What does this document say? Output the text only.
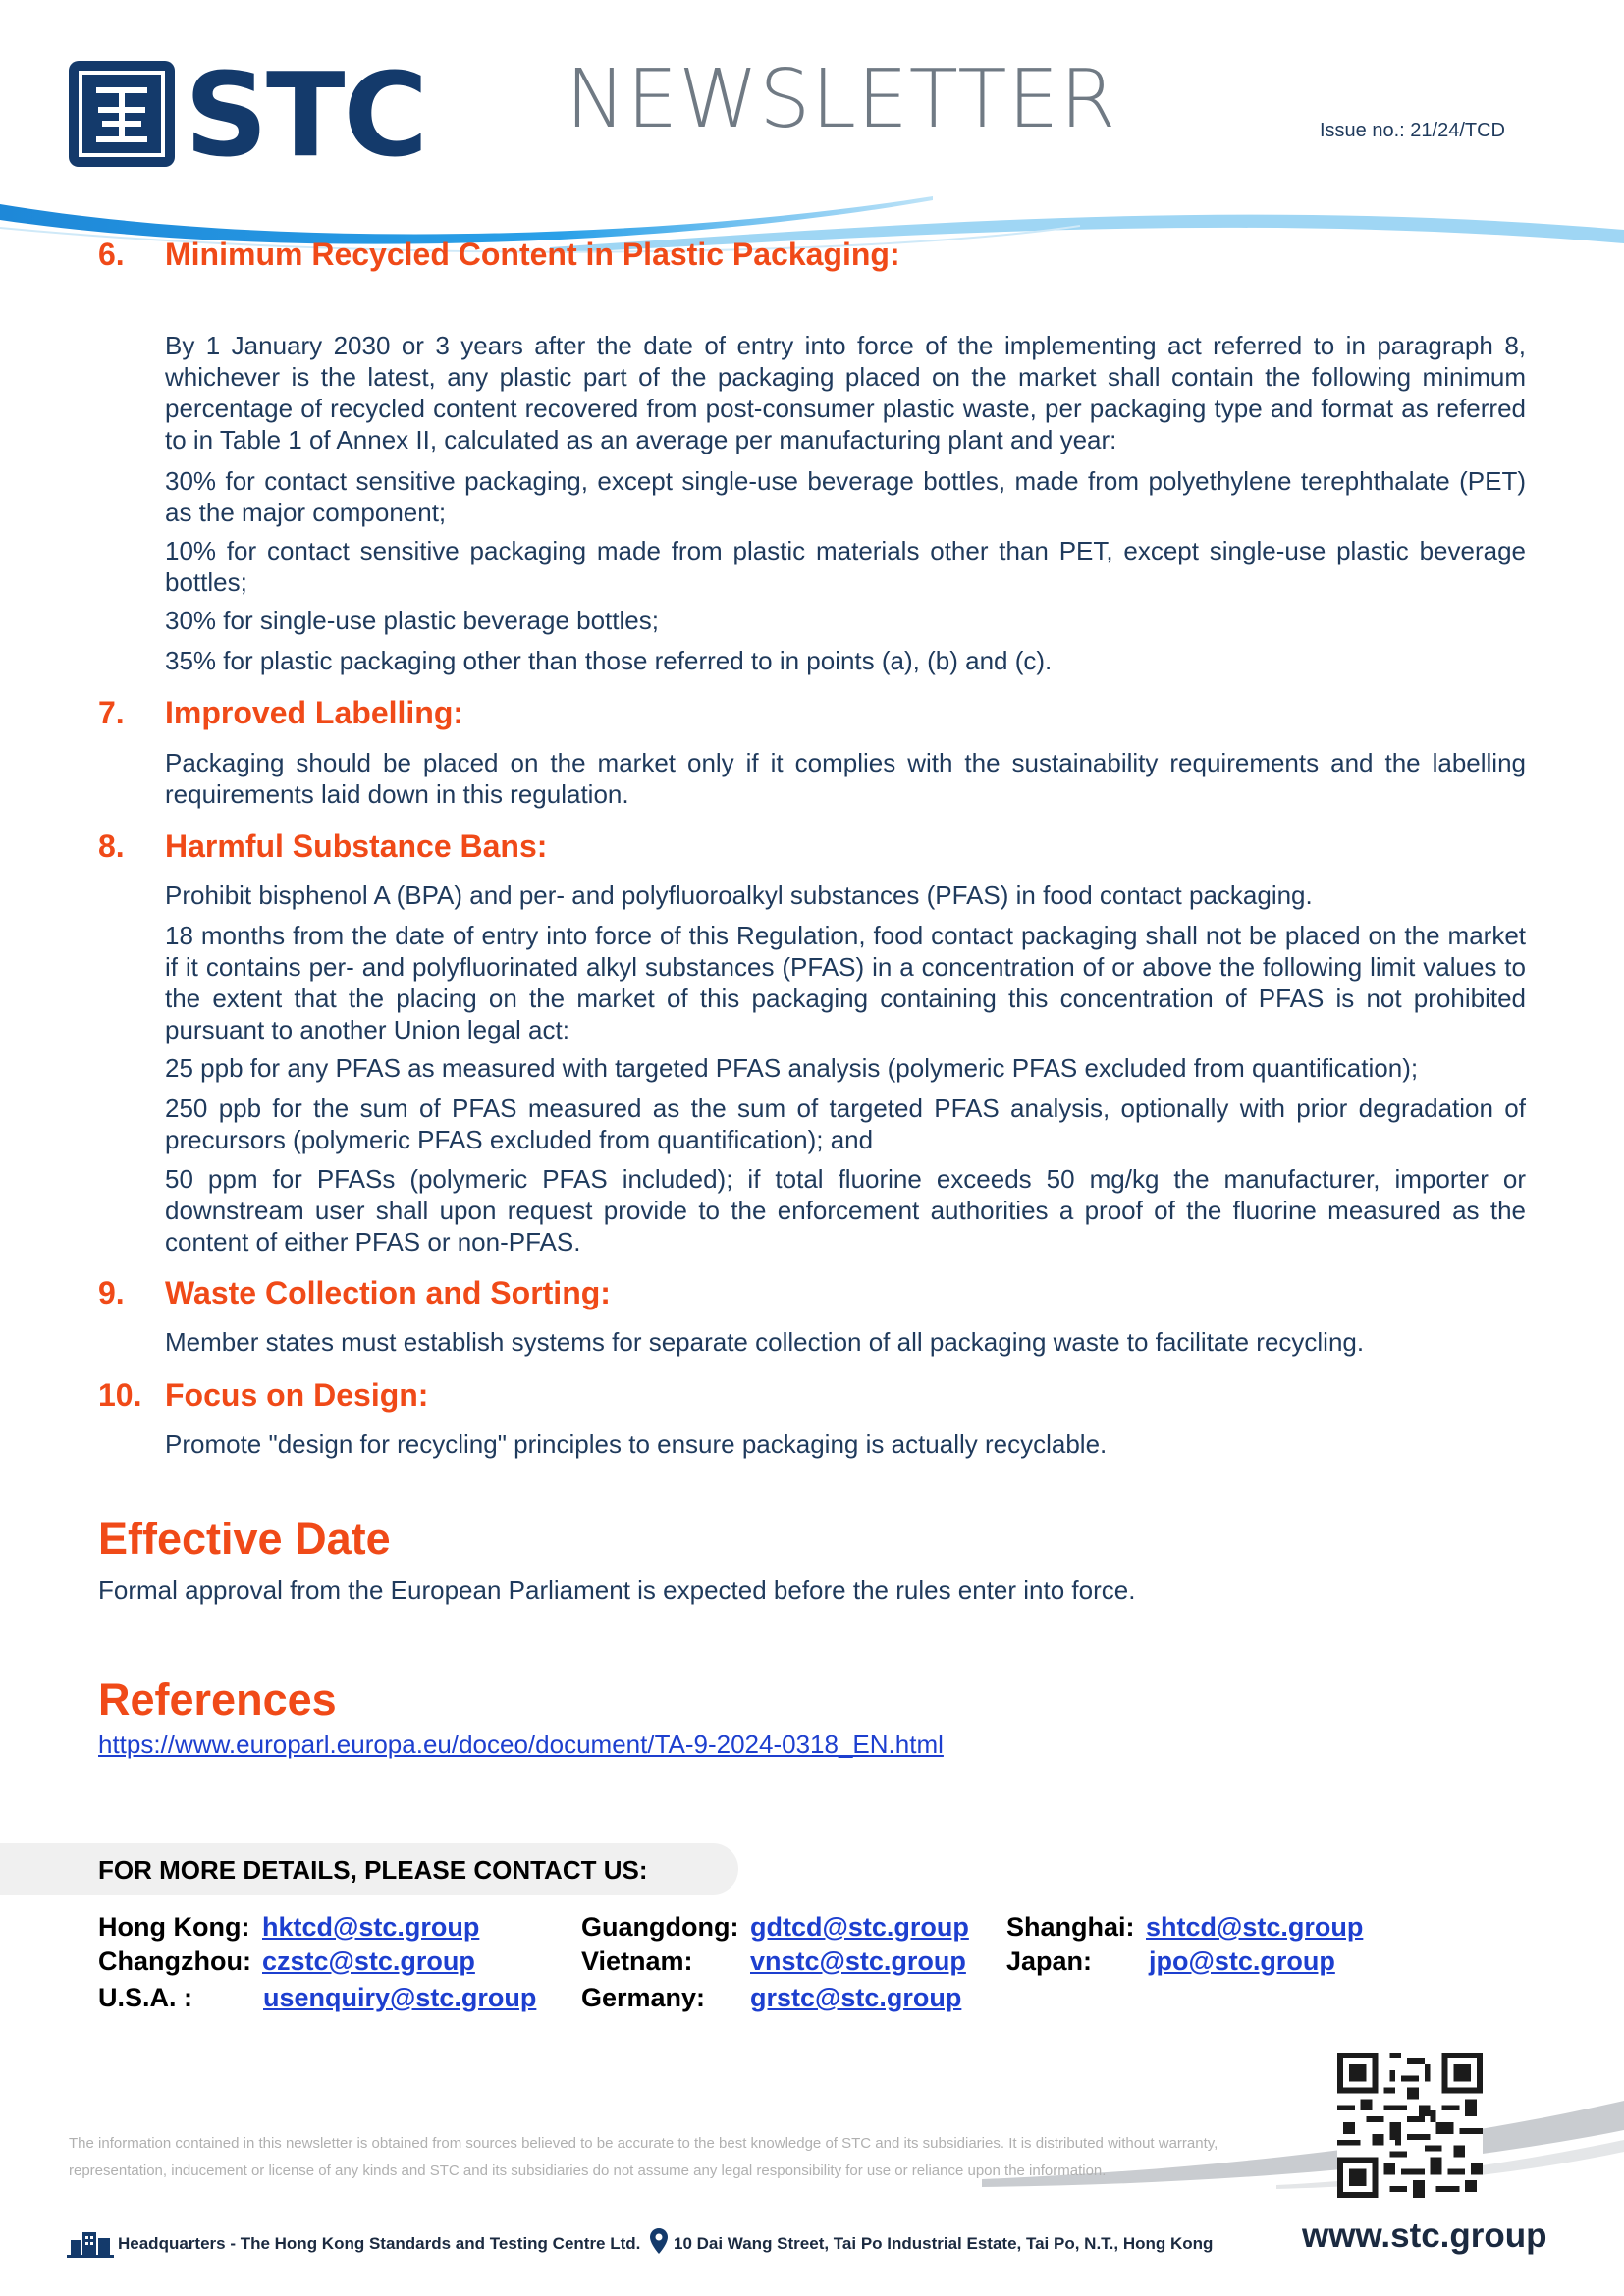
STC NEWSLETTER	Issue no.: 21/24/TCD
6. Minimum Recycled Content in Plastic Packaging:
By 1 January 2030 or 3 years after the date of entry into force of the implementing act referred to in paragraph 8, whichever is the latest, any plastic part of the packaging placed on the market shall contain the following minimum percentage of recycled content recovered from post-consumer plastic waste, per packaging type and format as referred to in Table 1 of Annex II, calculated as an average per manufacturing plant and year:
30% for contact sensitive packaging, except single-use beverage bottles, made from polyethylene terephthalate (PET) as the major component;
10% for contact sensitive packaging made from plastic materials other than PET, except single-use plastic beverage bottles;
30% for single-use plastic beverage bottles;
35% for plastic packaging other than those referred to in points (a), (b) and (c).
7. Improved Labelling:
Packaging should be placed on the market only if it complies with the sustainability requirements and the labelling requirements laid down in this regulation.
8. Harmful Substance Bans:
Prohibit bisphenol A (BPA) and per- and polyfluoroalkyl substances (PFAS) in food contact packaging.
18 months from the date of entry into force of this Regulation, food contact packaging shall not be placed on the market if it contains per- and polyfluorinated alkyl substances (PFAS) in a concentration of or above the following limit values to the extent that the placing on the market of this packaging containing this concentration of PFAS is not prohibited pursuant to another Union legal act:
25 ppb for any PFAS as measured with targeted PFAS analysis (polymeric PFAS excluded from quantification);
250 ppb for the sum of PFAS measured as the sum of targeted PFAS analysis, optionally with prior degradation of precursors (polymeric PFAS excluded from quantification); and
50 ppm for PFASs (polymeric PFAS included); if total fluorine exceeds 50 mg/kg the manufacturer, importer or downstream user shall upon request provide to the enforcement authorities a proof of the fluorine measured as the content of either PFAS or non-PFAS.
9. Waste Collection and Sorting:
Member states must establish systems for separate collection of all packaging waste to facilitate recycling.
10. Focus on Design:
Promote "design for recycling" principles to ensure packaging is actually recyclable.
Effective Date
Formal approval from the European Parliament is expected before the rules enter into force.
References
https://www.europarl.europa.eu/doceo/document/TA-9-2024-0318_EN.html
FOR MORE DETAILS, PLEASE CONTACT US:
Hong Kong: hktcd@stc.group	Guangdong: gdtcd@stc.group Shanghai: shtcd@stc.group
Changzhou: czstc@stc.group	Vietnam: vnstc@stc.group Japan: jpo@stc.group
U.S.A. :	usenquiry@stc.group Germany: grstc@stc.group
The information contained in this newsletter is obtained from sources believed to be accurate to the best knowledge of STC and its subsidiaries. It is distributed without warranty, representation, inducement or license of any kinds and STC and its subsidiaries do not assume any legal responsibility for use or reliance upon the information.
Headquarters - The Hong Kong Standards and Testing Centre Ltd. 10 Dai Wang Street, Tai Po Industrial Estate, Tai Po, N.T., Hong Kong	www.stc.group
